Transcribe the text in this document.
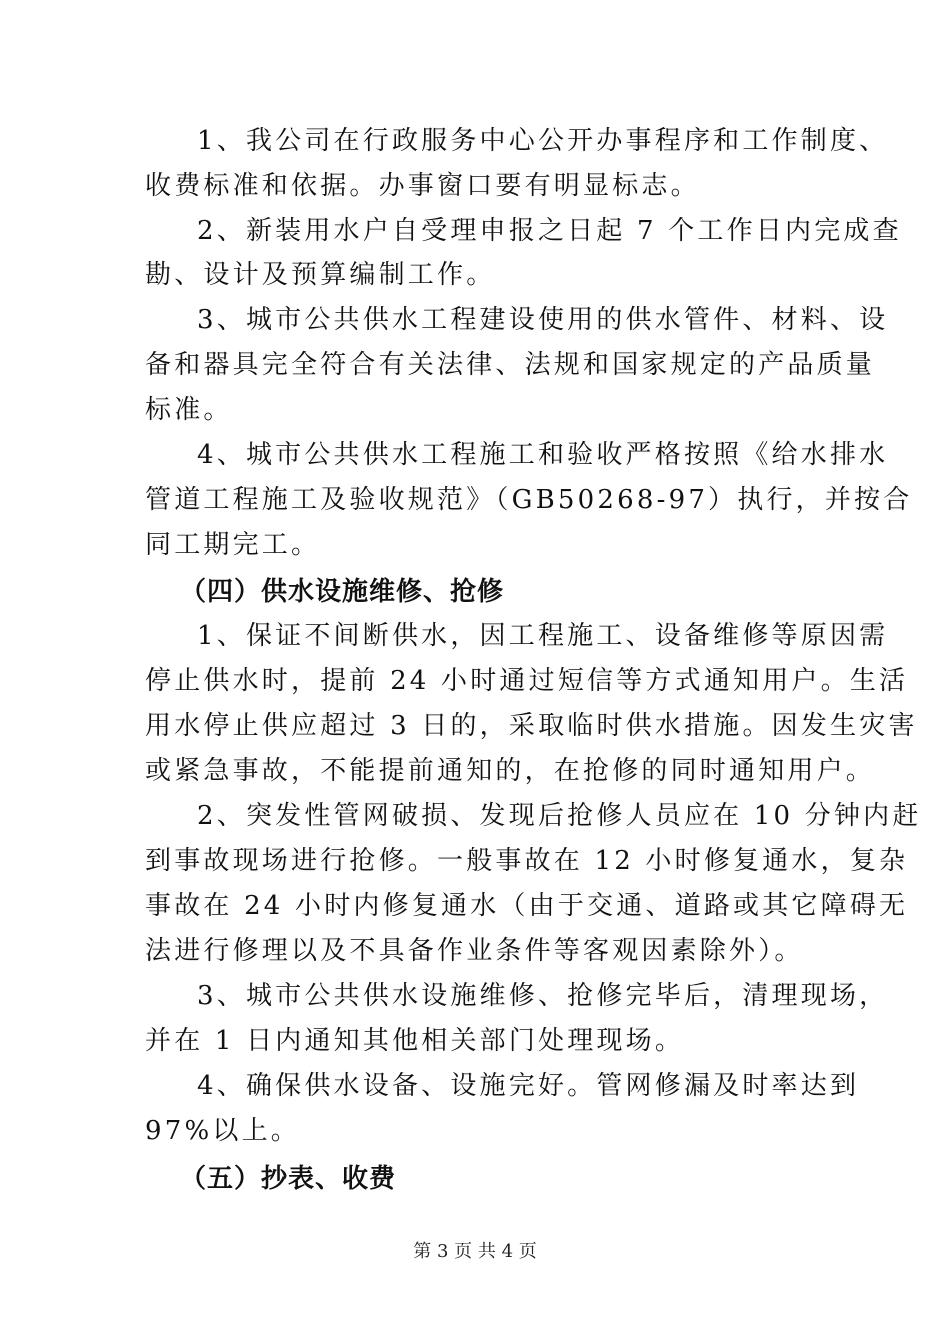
1、我公司在行政服务中心公开办事程序和工作制度、
收费标准和依据。办事窗口要有明显标志。
2、新装用水户自受理申报之日起 7 个工作日内完成查
勘、设计及预算编制工作。
3、城市公共供水工程建设使用的供水管件、材料、设
备和器具完全符合有关法律、法规和国家规定的产品质量
标准。
4、城市公共供水工程施工和验收严格按照《给水排水
管道工程施工及验收规范》（GB50268-97）执行，并按合
同工期完工。
（四）供水设施维修、抢修
1、保证不间断供水，因工程施工、设备维修等原因需
停止供水时，提前 24 小时通过短信等方式通知用户。生活
用水停止供应超过 3 日的，采取临时供水措施。因发生灾害
或紧急事故，不能提前通知的，在抢修的同时通知用户。
2、突发性管网破损、发现后抢修人员应在 10 分钟内赶
到事故现场进行抢修。一般事故在 12 小时修复通水，复杂
事故在 24 小时内修复通水（由于交通、道路或其它障碍无
法进行修理以及不具备作业条件等客观因素除外）。
3、城市公共供水设施维修、抢修完毕后，清理现场，
并在 1 日内通知其他相关部门处理现场。
4、确保供水设备、设施完好。管网修漏及时率达到
97%以上。
（五）抄表、收费
第 3 页 共 4 页
